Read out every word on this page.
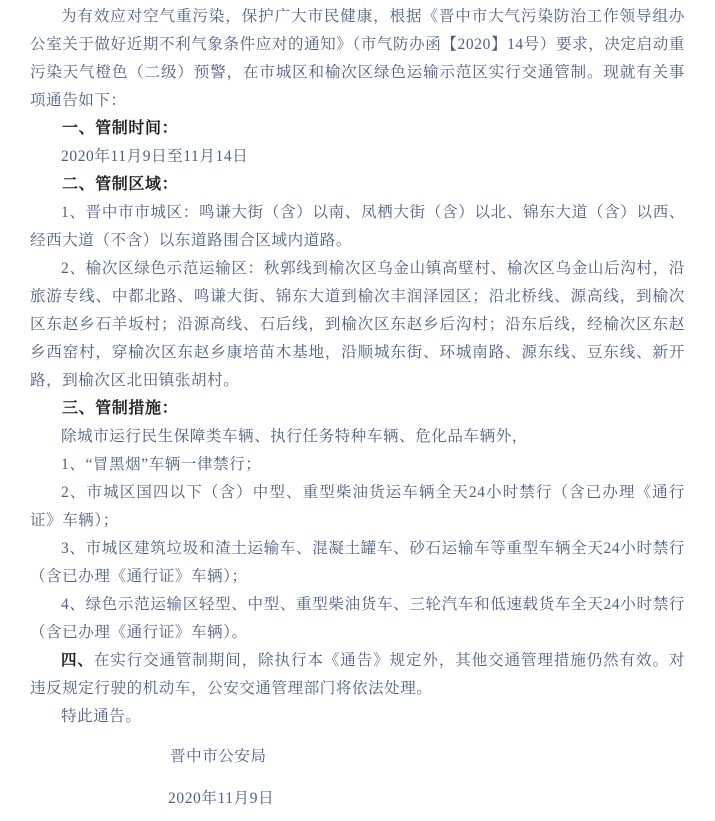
为有效应对空气重污染，保护广大市民健康，根据《晋中市大气污染防治工作领导组办公室关于做好近期不利气象条件应对的通知》（市气防办函【2020】14号）要求，决定启动重污染天气橙色（二级）预警，在市城区和榆次区绿色运输示范区实行交通管制。现就有关事项通告如下：

一、管制时间：

2020年11月9日至11月14日

二、管制区域：

1、晋中市市城区：鸣谦大街（含）以南、凤栖大街（含）以北、锦东大道（含）以西、经西大道（不含）以东道路围合区域内道路。

2、榆次区绿色示范运输区：秋郭线到榆次区乌金山镇高壁村、榆次区乌金山后沟村，沿旅游专线、中都北路、鸣谦大街、锦东大道到榆次丰润泽园区；沿北桥线、源高线，到榆次区东赵乡石羊坂村；沿源高线、石后线，到榆次区东赵乡后沟村；沿东后线，经榆次区东赵乡西窑村，穿榆次区东赵乡康培苗木基地，沿顺城东街、环城南路、源东线、豆东线、新开路，到榆次区北田镇张胡村。

三、管制措施：

除城市运行民生保障类车辆、执行任务特种车辆、危化品车辆外，

1、“冒黑烟”车辆一律禁行；

2、市城区国四以下（含）中型、重型柴油货运车辆全天24小时禁行（含已办理《通行证》车辆）；

3、市城区建筑垃圾和渣土运输车、混凝土罐车、砂石运输车等重型车辆全天24小时禁行（含已办理《通行证》车辆）；

4、绿色示范运输区轻型、中型、重型柴油货车、三轮汽车和低速载货车全天24小时禁行（含已办理《通行证》车辆）。

四、在实行交通管制期间，除执行本《通告》规定外，其他交通管理措施仍然有效。对违反规定行驶的机动车，公安交通管理部门将依法处理。

特此通告。

晋中市公安局

2020年11月9日
